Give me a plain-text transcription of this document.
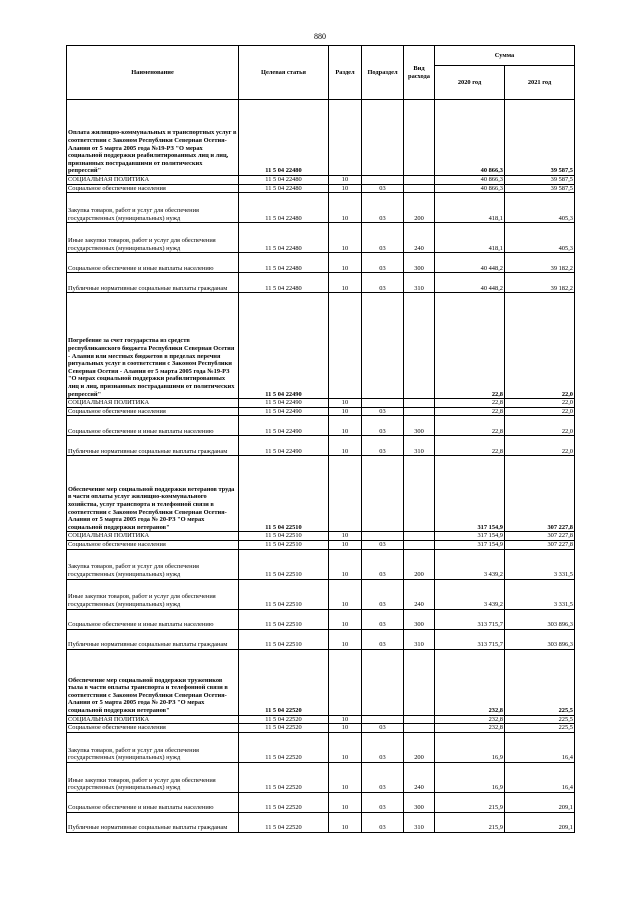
880
Наименование	Целевая статья	Раздел	Подраздел	Вид расхода	Сумма	
					2020 год	2021 год
Оплата жилищно-коммунальных и транспортных услуг в соответствии с Законом Республики Северная Осетия-Алания от 5 марта 2005 года №19-РЗ "О мерах социальной поддержки реабилитированных лиц и лиц, признанных пострадавшими от политических репрессий"	11 5 04 22480				40 866,3	39 587,5
СОЦИАЛЬНАЯ ПОЛИТИКА	11 5 04 22480	10			40 866,3	39 587,5
Социальное обеспечение населения	11 5 04 22480	10	03		40 866,3	39 587,5
Закупка товаров, работ и услуг для обеспечения государственных (муниципальных) нужд	11 5 04 22480	10	03	200	418,1	405,3
Иные закупки товаров, работ и услуг для обеспечения государственных (муниципальных) нужд	11 5 04 22480	10	03	240	418,1	405,3
Социальное обеспечение и иные выплаты населению	11 5 04 22480	10	03	300	40 448,2	39 182,2
Публичные нормативные социальные выплаты гражданам	11 5 04 22480	10	03	310	40 448,2	39 182,2
Погребение за счет государства из средств республиканского бюджета Республики Северная Осетия - Алания или местных бюджетов в пределах перечня ритуальных услуг в соответствии с Законом Республики Северная Осетия - Алания от 5 марта 2005 года №19-РЗ "О мерах социальной поддержки реабилитированных лиц и лиц, признанных пострадавшими от политических репрессий"	11 5 04 22490				22,8	22,0
СОЦИАЛЬНАЯ ПОЛИТИКА	11 5 04 22490	10			22,8	22,0
Социальное обеспечение населения	11 5 04 22490	10	03		22,8	22,0
Социальное обеспечение и иные выплаты населению	11 5 04 22490	10	03	300	22,8	22,0
Публичные нормативные социальные выплаты гражданам	11 5 04 22490	10	03	310	22,8	22,0
Обеспечение мер социальной поддержки ветеранов труда в части оплаты услуг жилищно-коммунального хозяйства, услуг транспорта и телефонной связи в соответствии с Законом Республики Северная Осетия-Алания от 5 марта 2005 года № 20-РЗ "О мерах социальной поддержки ветеранов"	11 5 04 22510				317 154,9	307 227,8
СОЦИАЛЬНАЯ ПОЛИТИКА	11 5 04 22510	10			317 154,9	307 227,8
Социальное обеспечение населения	11 5 04 22510	10	03		317 154,9	307 227,8
Закупка товаров, работ и услуг для обеспечения государственных (муниципальных) нужд	11 5 04 22510	10	03	200	3 439,2	3 331,5
Иные закупки товаров, работ и услуг для обеспечения государственных (муниципальных) нужд	11 5 04 22510	10	03	240	3 439,2	3 331,5
Социальное обеспечение и иные выплаты населению	11 5 04 22510	10	03	300	313 715,7	303 896,3
Публичные нормативные социальные выплаты гражданам	11 5 04 22510	10	03	310	313 715,7	303 896,3
Обеспечение мер социальной поддержки тружеников тыла в части оплаты транспорта и телефонной связи в соответствии с Законом Республики Северная Осетия-Алания от 5 марта 2005 года № 20-РЗ "О мерах социальной поддержки ветеранов"	11 5 04 22520				232,8	225,5
СОЦИАЛЬНАЯ ПОЛИТИКА	11 5 04 22520	10			232,8	225,5
Социальное обеспечение населения	11 5 04 22520	10	03		232,8	225,5
Закупка товаров, работ и услуг для обеспечения государственных (муниципальных) нужд	11 5 04 22520	10	03	200	16,9	16,4
Иные закупки товаров, работ и услуг для обеспечения государственных (муниципальных) нужд	11 5 04 22520	10	03	240	16,9	16,4
Социальное обеспечение и иные выплаты населению	11 5 04 22520	10	03	300	215,9	209,1
Публичные нормативные социальные выплаты гражданам	11 5 04 22520	10	03	310	215,9	209,1
